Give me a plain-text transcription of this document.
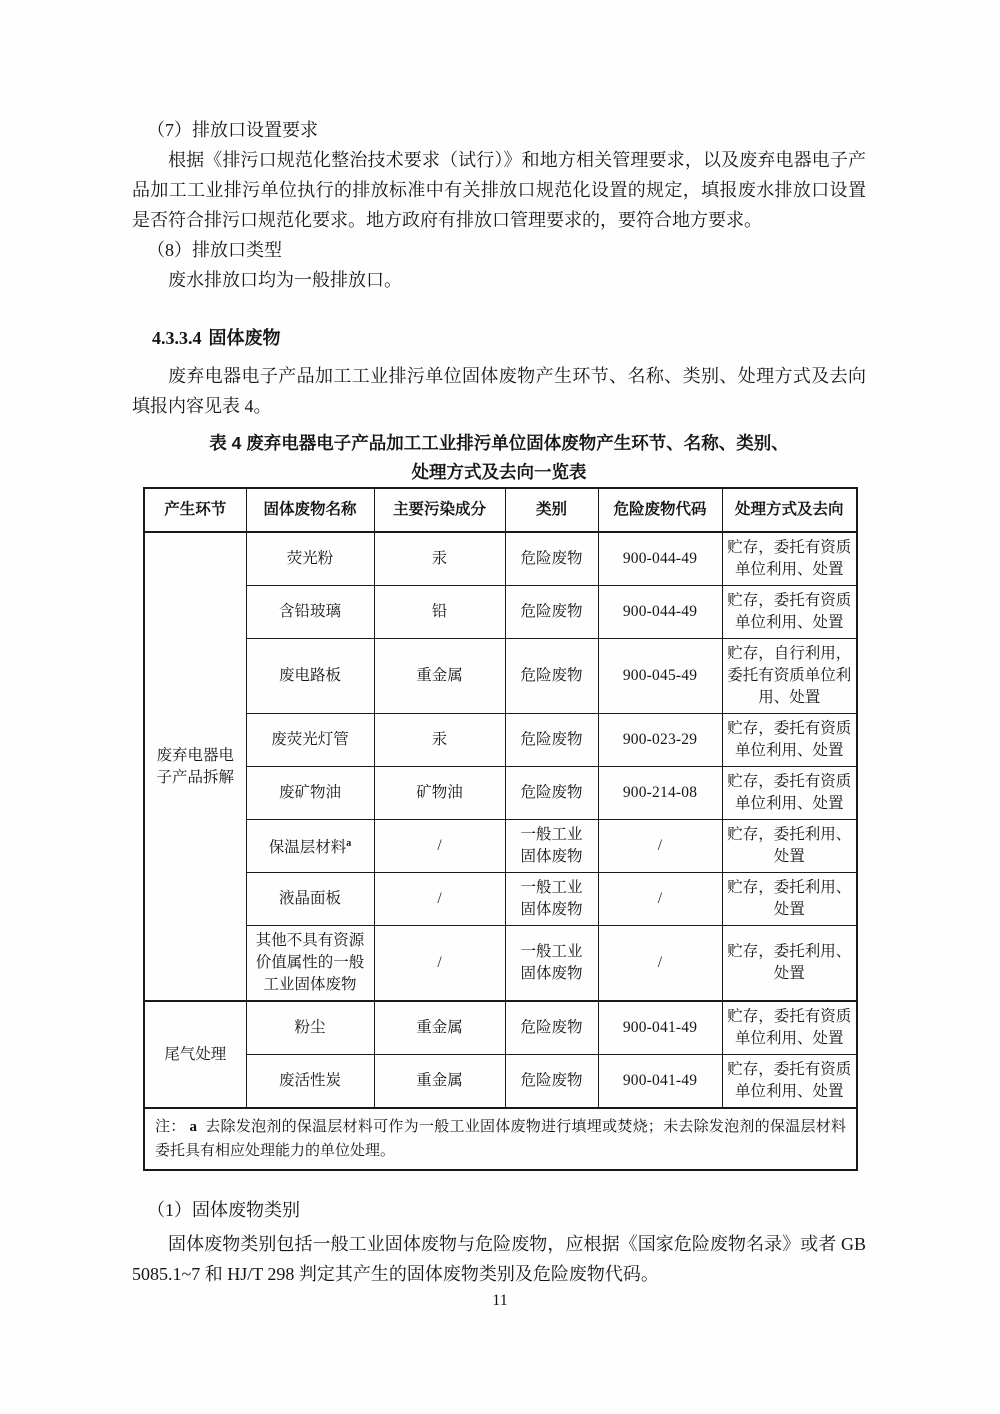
（7）排放口设置要求

根据《排污口规范化整治技术要求（试行）》和地方相关管理要求，以及废弃电器电子产品加工工业排污单位执行的排放标准中有关排放口规范化设置的规定，填报废水排放口设置是否符合排污口规范化要求。地方政府有排放口管理要求的，要符合地方要求。

（8）排放口类型

废水排放口均为一般排放口。

4.3.3.4 固体废物

废弃电器电子产品加工工业排污单位固体废物产生环节、名称、类别、处理方式及去向填报内容见表 4。

表 4 废弃电器电子产品加工工业排污单位固体废物产生环节、名称、类别、
处理方式及去向一览表
产生环节	固体废物名称	主要污染成分	类别	危险废物代码	处理方式及去向
废弃电器电子产品拆解	荧光粉	汞	危险废物	900-044-49	贮存，委托有资质单位利用、处置
	含铅玻璃	铅	危险废物	900-044-49	贮存，委托有资质单位利用、处置
	废电路板	重金属	危险废物	900-045-49	贮存，自行利用，委托有资质单位利用、处置
	废荧光灯管	汞	危险废物	900-023-29	贮存，委托有资质单位利用、处置
	废矿物油	矿物油	危险废物	900-214-08	贮存，委托有资质单位利用、处置
	保温层材料$^a$	/	一般工业固体废物	/	贮存，委托利用、处置
	液晶面板	/	一般工业固体废物	/	贮存，委托利用、处置
	其他不具有资源价值属性的一般工业固体废物	/	一般工业固体废物	/	贮存，委托利用、处置
尾气处理	粉尘	重金属	危险废物	900-041-49	贮存，委托有资质单位利用、处置
	废活性炭	重金属	危险废物	900-041-49	贮存，委托有资质单位利用、处置
注： a 去除发泡剂的保温层材料可作为一般工业固体废物进行填埋或焚烧；未去除发泡剂的保温层材料委托具有相应处理能力的单位处理。					

（1）固体废物类别

固体废物类别包括一般工业固体废物与危险废物，应根据《国家危险废物名录》或者 GB 5085.1~7 和 HJ/T 298 判定其产生的固体废物类别及危险废物代码。

11
